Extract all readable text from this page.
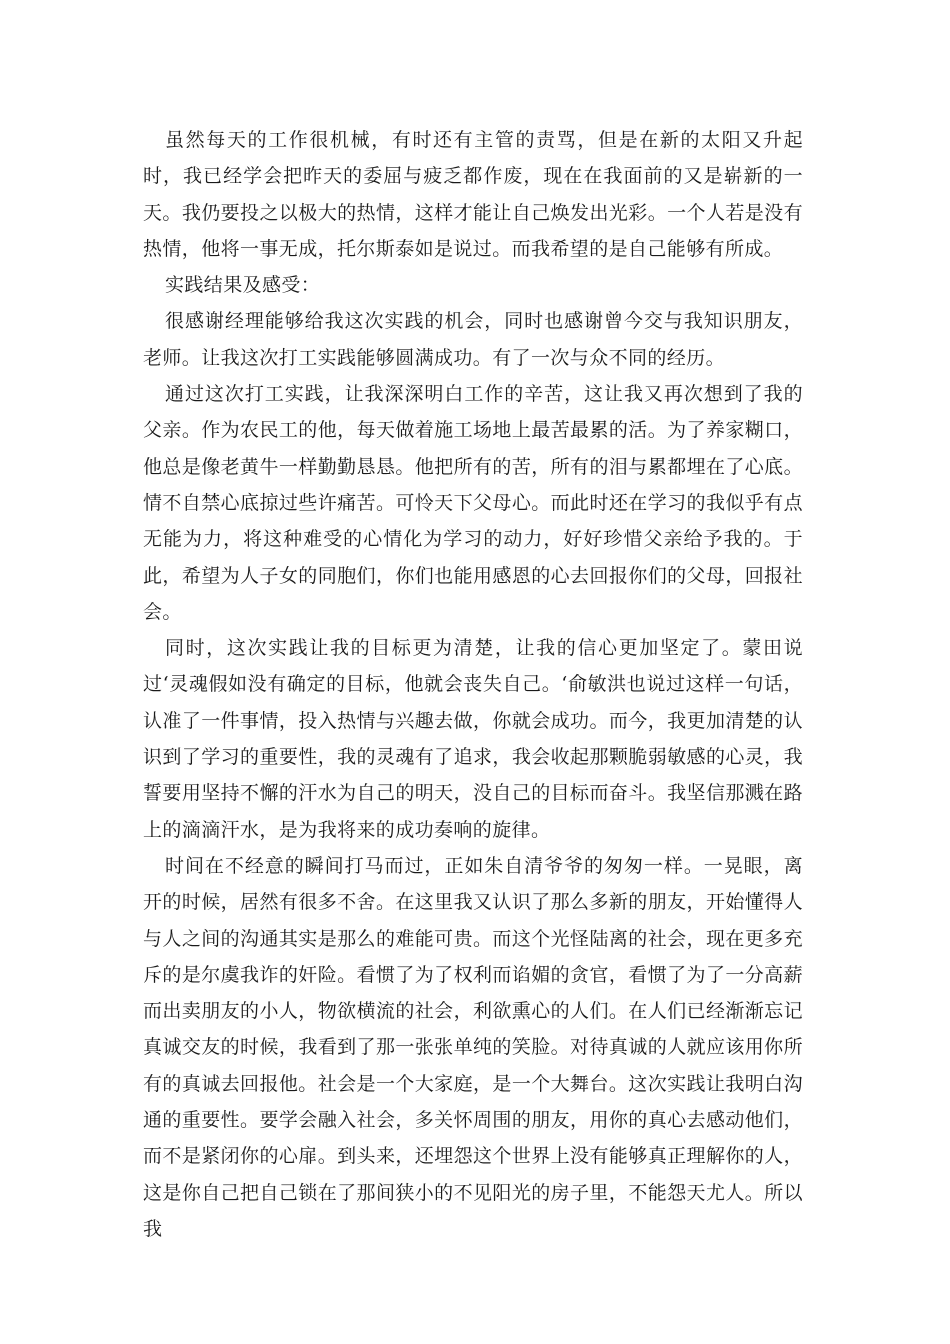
虽然每天的工作很机械，有时还有主管的责骂，但是在新的太阳又升起时，我已经学会把昨天的委屈与疲乏都作废，现在在我面前的又是崭新的一天。我仍要投之以极大的热情，这样才能让自己焕发出光彩。一个人若是没有热情，他将一事无成，托尔斯泰如是说过。而我希望的是自己能够有所成。

实践结果及感受：

很感谢经理能够给我这次实践的机会，同时也感谢曾今交与我知识朋友，老师。让我这次打工实践能够圆满成功。有了一次与众不同的经历。

通过这次打工实践，让我深深明白工作的辛苦，这让我又再次想到了我的父亲。作为农民工的他，每天做着施工场地上最苦最累的活。为了养家糊口，他总是像老黄牛一样勤勤恳恳。他把所有的苦，所有的泪与累都埋在了心底。情不自禁心底掠过些许痛苦。可怜天下父母心。而此时还在学习的我似乎有点无能为力，将这种难受的心情化为学习的动力，好好珍惜父亲给予我的。于此，希望为人子女的同胞们，你们也能用感恩的心去回报你们的父母，回报社会。

同时，这次实践让我的目标更为清楚，让我的信心更加坚定了。蒙田说过‘灵魂假如没有确定的目标，他就会丧失自己。‘俞敏洪也说过这样一句话，认准了一件事情，投入热情与兴趣去做，你就会成功。而今，我更加清楚的认识到了学习的重要性，我的灵魂有了追求，我会收起那颗脆弱敏感的心灵，我誓要用坚持不懈的汗水为自己的明天，没自己的目标而奋斗。我坚信那溅在路上的滴滴汗水，是为我将来的成功奏响的旋律。

时间在不经意的瞬间打马而过，正如朱自清爷爷的匆匆一样。一晃眼，离开的时候，居然有很多不舍。在这里我又认识了那么多新的朋友，开始懂得人与人之间的沟通其实是那么的难能可贵。而这个光怪陆离的社会，现在更多充斥的是尔虞我诈的奸险。看惯了为了权利而谄媚的贪官，看惯了为了一分高薪而出卖朋友的小人，物欲横流的社会，利欲熏心的人们。在人们已经渐渐忘记真诚交友的时候，我看到了那一张张单纯的笑脸。对待真诚的人就应该用你所有的真诚去回报他。社会是一个大家庭，是一个大舞台。这次实践让我明白沟通的重要性。要学会融入社会，多关怀周围的朋友，用你的真心去感动他们，而不是紧闭你的心扉。到头来，还埋怨这个世界上没有能够真正理解你的人，这是你自己把自己锁在了那间狭小的不见阳光的房子里，不能怨天尤人。所以我
